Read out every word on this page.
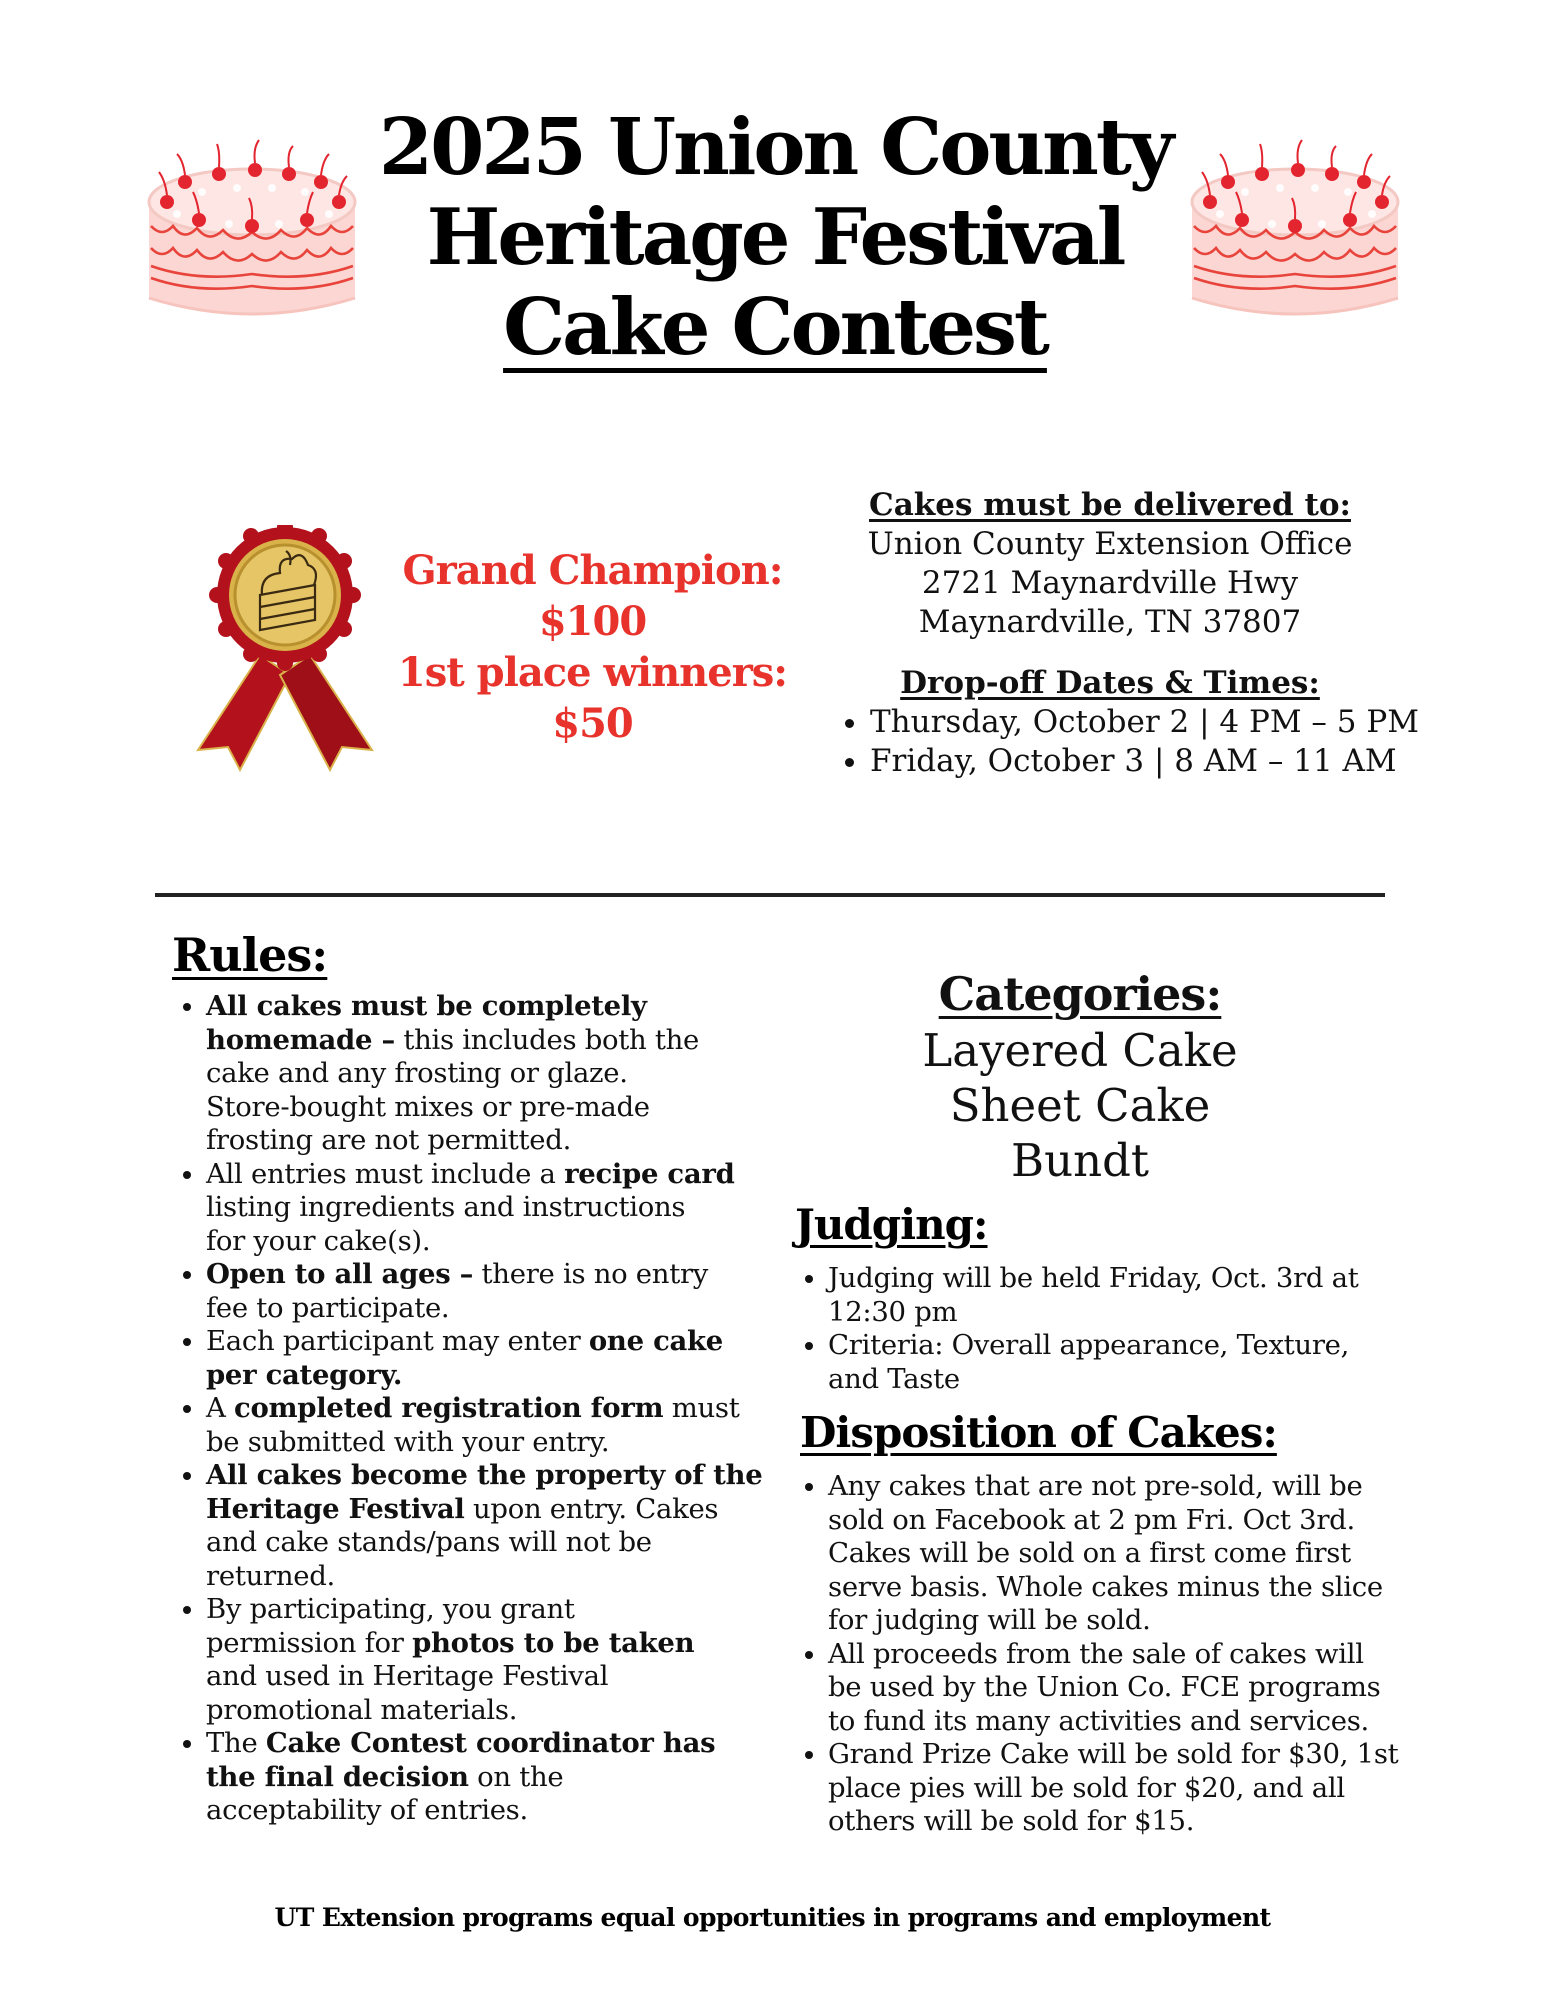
2025 Union County
Heritage Festival
Cake Contest
Grand Champion:
$100
1st place winners:
$50
Cakes must be delivered to:
Union County Extension Office
2721 Maynardville Hwy
Maynardville, TN 37807
Drop-off Dates & Times:
• Thursday, October 2 | 4 PM – 5 PM
• Friday, October 3 | 8 AM – 11 AM
Rules:
• All cakes must be completely
homemade – this includes both the
cake and any frosting or glaze.
Store-bought mixes or pre-made
frosting are not permitted.
• All entries must include a recipe card
listing ingredients and instructions
for your cake(s).
• Open to all ages – there is no entry
fee to participate.
• Each participant may enter one cake
per category.
• A completed registration form must
be submitted with your entry.
• All cakes become the property of the
Heritage Festival upon entry. Cakes
and cake stands/pans will not be
returned.
• By participating, you grant
permission for photos to be taken
and used in Heritage Festival
promotional materials.
• The Cake Contest coordinator has
the final decision on the
acceptability of entries.
Categories:
Layered Cake
Sheet Cake
Bundt
Judging:
• Judging will be held Friday, Oct. 3rd at
12:30 pm
• Criteria: Overall appearance, Texture,
and Taste
Disposition of Cakes:
• Any cakes that are not pre-sold, will be
sold on Facebook at 2 pm Fri. Oct 3rd.
Cakes will be sold on a first come first
serve basis. Whole cakes minus the slice
for judging will be sold.
• All proceeds from the sale of cakes will
be used by the Union Co. FCE programs
to fund its many activities and services.
• Grand Prize Cake will be sold for $30, 1st
place pies will be sold for $20, and all
others will be sold for $15.
UT Extension programs equal opportunities in programs and employment
